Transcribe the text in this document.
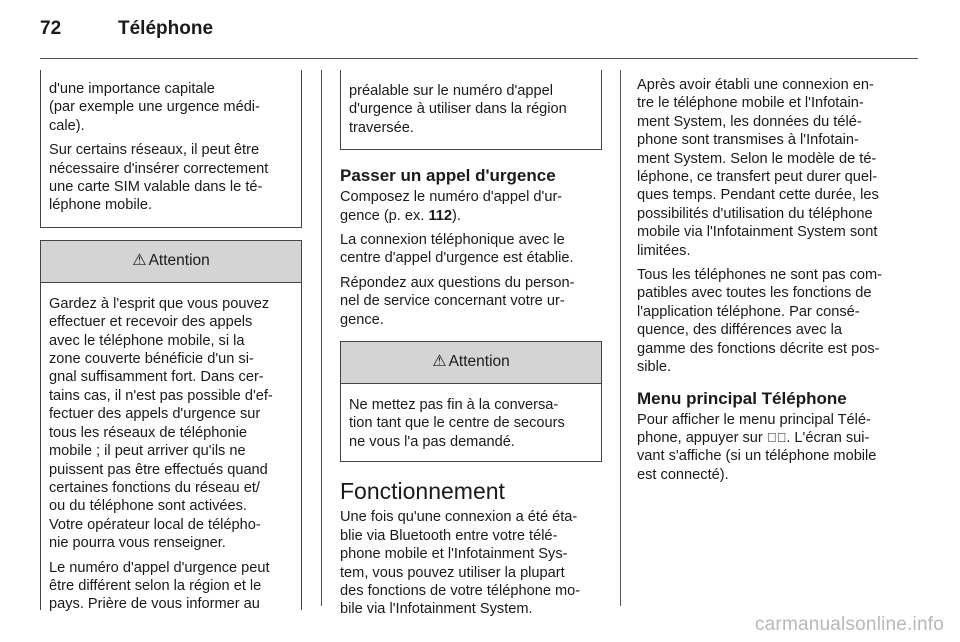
72	Téléphone

d'une importance capitale
(par exemple une urgence médi-
cale).

Sur certains réseaux, il peut être
nécessaire d'insérer correctement
une carte SIM valable dans le té-
léphone mobile.

⚠ Attention

Gardez à l'esprit que vous pouvez
effectuer et recevoir des appels
avec le téléphone mobile, si la
zone couverte bénéficie d'un si-
gnal suffisamment fort. Dans cer-
tains cas, il n'est pas possible d'ef-
fectuer des appels d'urgence sur
tous les réseaux de téléphonie
mobile ; il peut arriver qu'ils ne
puissent pas être effectués quand
certaines fonctions du réseau et/
ou du téléphone sont activées.
Votre opérateur local de télépho-
nie pourra vous renseigner.

Le numéro d'appel d'urgence peut
être différent selon la région et le
pays. Prière de vous informer au

préalable sur le numéro d'appel
d'urgence à utiliser dans la région
traversée.
Passer un appel d'urgence

Composez le numéro d'appel d'ur-
gence (p. ex. 112).

La connexion téléphonique avec le
centre d'appel d'urgence est établie.

Répondez aux questions du person-
nel de service concernant votre ur-
gence.

⚠ Attention
Ne mettez pas fin à la conversa-
tion tant que le centre de secours
ne vous l'a pas demandé.
Fonctionnement

Une fois qu'une connexion a été éta-
blie via Bluetooth entre votre télé-
phone mobile et l'Infotainment Sys-
tem, vous pouvez utiliser la plupart
des fonctions de votre téléphone mo-
bile via l'Infotainment System.

Après avoir établi une connexion en-
tre le téléphone mobile et l'Infotain-
ment System, les données du télé-
phone sont transmises à l'Infotain-
ment System. Selon le modèle de té-
léphone, ce transfert peut durer quel-
ques temps. Pendant cette durée, les
possibilités d'utilisation du téléphone
mobile via l'Infotainment System sont
limitées.

Tous les téléphones ne sont pas com-
patibles avec toutes les fonctions de
l'application téléphone. Par consé-
quence, des différences avec la
gamme des fonctions décrite est pos-
sible.

Menu principal Téléphone

Pour afficher le menu principal Télé-
phone, appuyer sur ✆⃠. L'écran sui-
vant s'affiche (si un téléphone mobile
est connecté).

carmanualsonline.info
